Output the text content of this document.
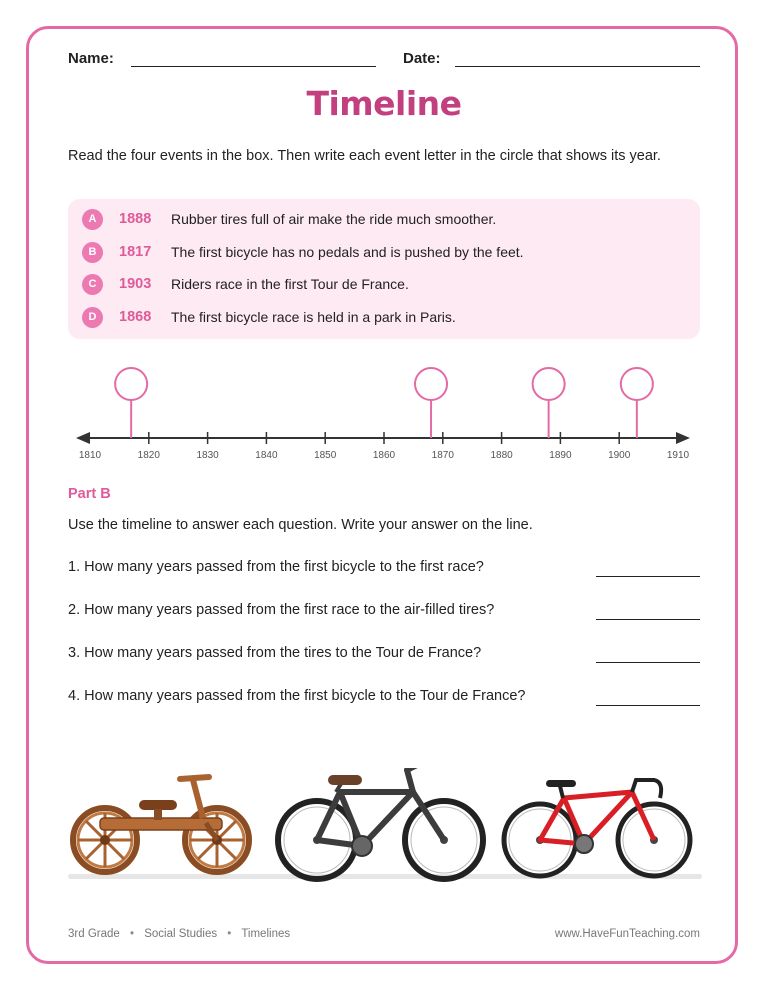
Name:	Date:
Timeline
Read the four events in the box. Then write each event letter in the circle that shows its year.
A	1888	Rubber tires full of air make the ride much smoother.
B	1817	The first bicycle has no pedals and is pushed by the feet.
C	1903	Riders race in the first Tour de France.
D	1868	The first bicycle race is held in a park in Paris.
1810	1820	1830	1840	1850	1860	1870	1880	1890	1900	1910
Part B
Use the timeline to answer each question. Write your answer on the line.
1. How many years passed from the first bicycle to the first race?
2. How many years passed from the first race to the air-filled tires?
3. How many years passed from the tires to the Tour de France?
4. How many years passed from the first bicycle to the Tour de France?
3rd Grade • Social Studies • Timelines	www.HaveFunTeaching.com
